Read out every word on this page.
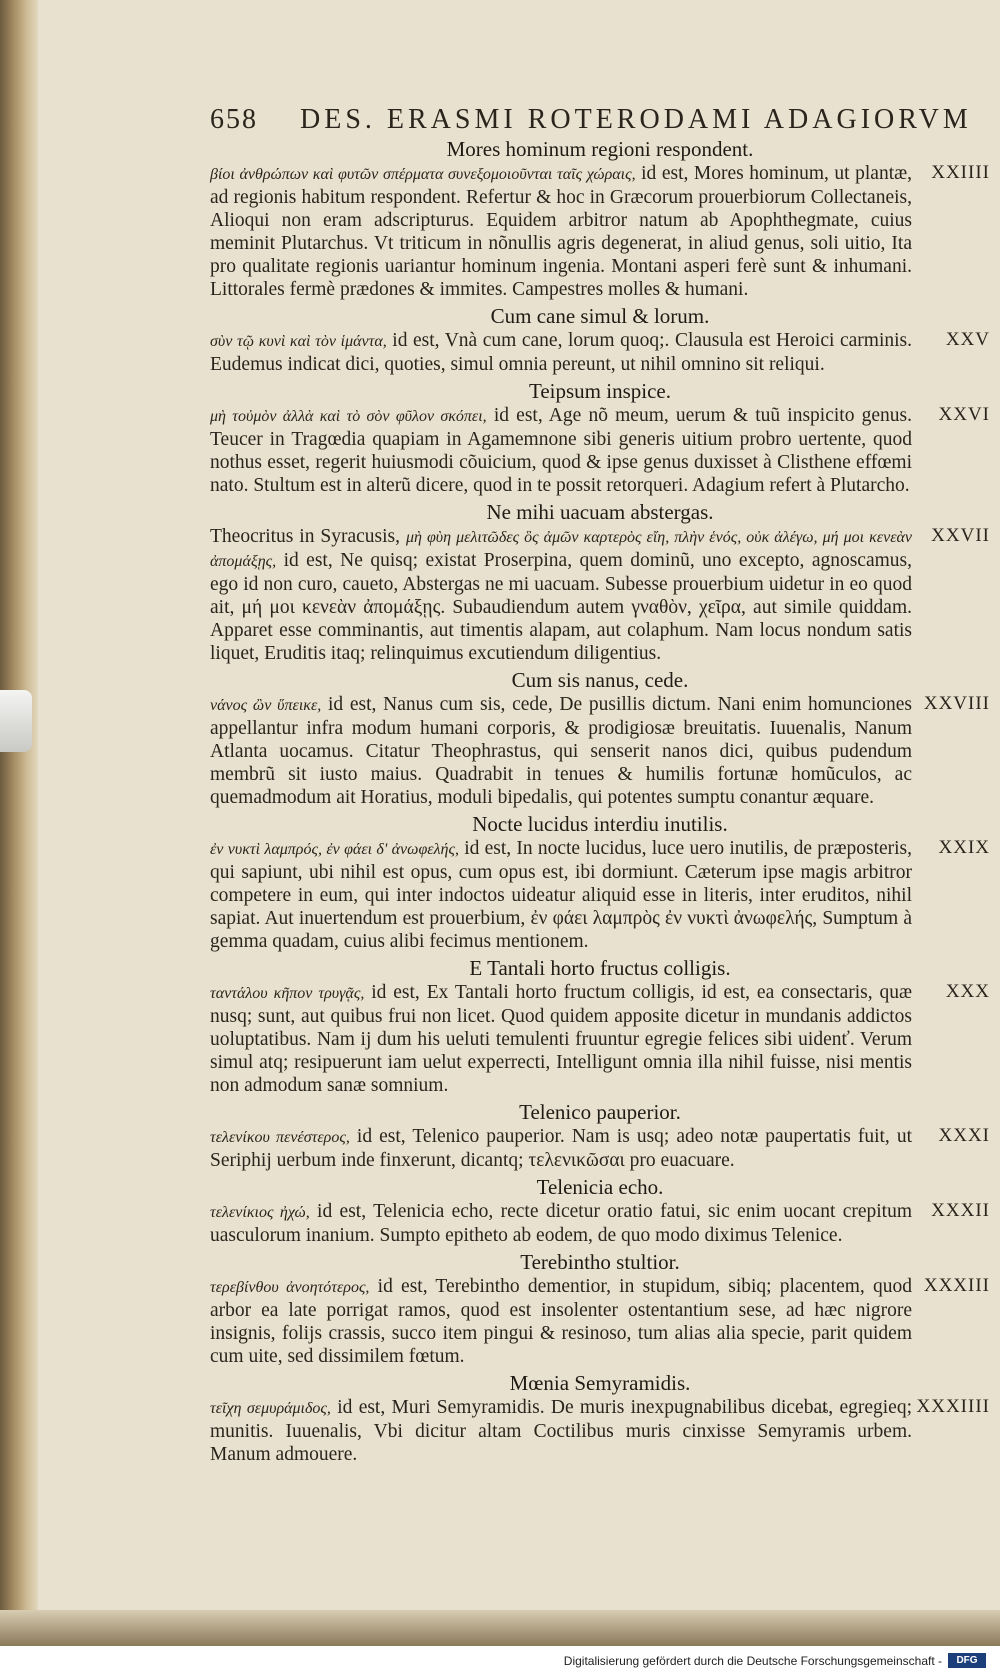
658 DES. ERASMI ROTERODAMI ADAGIORVM
Mores hominum regioni respondent.
XXIIII

βίοι ἀνθρώπων καὶ φυτῶν σπέρματα συνεξομοιοῦνται ταῖς χώραις, id est, Mores hominum, ut plantæ, ad regionis habitum respondent. Refertur & hoc in Græcorum prouerbiorum Collectaneis, Alioqui non eram adscripturus. Equidem arbitror natum ab Apophthegmate, cuius meminit Plutarchus. Vt triticum in nõnullis agris degenerat, in aliud genus, soli uitio, Ita pro qualitate regionis uariantur hominum ingenia. Montani asperi ferè sunt & inhumani. Littorales fermè prædones & immites. Campestres molles & humani.

Cum cane simul & lorum.
XXV

σὺν τῷ κυνὶ καὶ τὸν ἱμάντα, id est, Vnà cum cane, lorum quoq;. Clausula est Heroici carminis. Eudemus indicat dici, quoties, simul omnia pereunt, ut nihil omnino sit reliqui.

Teipsum inspice.
XXVI

μὴ τοὐμὸν ἀλλὰ καὶ τὸ σὸν φῦλον σκόπει, id est, Age nõ meum, uerum & tuũ inspicito genus. Teucer in Tragœdia quapiam in Agamemnone sibi generis uitium probro uertente, quod nothus esset, regerit huiusmodi cõuicium, quod & ipse genus duxisset à Clisthene effœmi nato. Stultum est in alterũ dicere, quod in te possit retorqueri. Adagium refert à Plutarcho.

Ne mihi uacuam abstergas.
XXVII

Theocritus in Syracusis, μὴ φὺη μελιτῶδες ὃς ἀμῶν καρτερὸς εἴη, πλὴν ἑνός, οὐκ ἀλέγω, μή μοι κενεὰν ἀπομάξῃς, id est, Ne quisq; existat Proserpina, quem dominũ, uno excepto, agnoscamus, ego id non curo, caueto, Abstergas ne mi uacuam. Subesse prouerbium uidetur in eo quod ait, μή μοι κενεὰν ἀπομάξῃς. Subaudiendum autem γναθὸν, χεῖρα, aut simile quiddam. Apparet esse comminantis, aut timentis alapam, aut colaphum. Nam locus nondum satis liquet, Eruditis itaq; relinquimus excutiendum diligentius.

Cum sis nanus, cede.
XXVIII

νάνος ὢν ὕπεικε, id est, Nanus cum sis, cede, De pusillis dictum. Nani enim homunciones appellantur infra modum humani corporis, & prodigiosæ breuitatis. Iuuenalis, Nanum Atlanta uocamus. Citatur Theophrastus, qui senserit nanos dici, quibus pudendum membrũ sit iusto maius. Quadrabit in tenues & humilis fortunæ homũculos, ac quemadmodum ait Horatius, moduli bipedalis, qui potentes sumptu conantur æquare.

Nocte lucidus interdiu inutilis.
XXIX

ἐν νυκτὶ λαμπρός, ἐν φάει δ' ἀνωφελής, id est, In nocte lucidus, luce uero inutilis, de præposteris, qui sapiunt, ubi nihil est opus, cum opus est, ibi dormiunt. Cæterum ipse magis arbitror competere in eum, qui inter indoctos uideatur aliquid esse in literis, inter eruditos, nihil sapiat. Aut inuertendum est prouerbium, ἐν φάει λαμπρὸς ἐν νυκτὶ ἀνωφελής, Sumptum à gemma quadam, cuius alibi fecimus mentionem.

E Tantali horto fructus colligis.
XXX

ταντάλου κῆπον τρυγᾷς, id est, Ex Tantali horto fructum colligis, id est, ea consectaris, quæ nusq; sunt, aut quibus frui non licet. Quod quidem apposite dicetur in mundanis addictos uoluptatibus. Nam ij dum his ueluti temulenti fruuntur egregie felices sibi uidenť. Verum simul atq; resipuerunt iam uelut experrecti, Intelligunt omnia illa nihil fuisse, nisi mentis non admodum sanæ somnium.

Telenico pauperior.
XXXI

τελενίκου πενέστερος, id est, Telenico pauperior. Nam is usq; adeo notæ paupertatis fuit, ut Seriphij uerbum inde finxerunt, dicantq; τελενικῶσαι pro euacuare.

Telenicia echo.
XXXII

τελενίκιος ἠχώ, id est, Telenicia echo, recte dicetur oratio fatui, sic enim uocant crepitum uasculorum inanium. Sumpto epitheto ab eodem, de quo modo diximus Telenice.

Terebintho stultior.
XXXIII

τερεβίνθου ἀνοητότερος, id est, Terebintho dementior, in stupidum, sibiq; placentem, quod arbor ea late porrigat ramos, quod est insolenter ostentantium sese, ad hæc nigrore insignis, folijs crassis, succo item pingui & resinoso, tum alias alia specie, parit quidem cum uite, sed dissimilem fœtum.

Mœnia Semyramidis.
XXXIIII

τεῖχη σεμυράμιδος, id est, Muri Semyramidis. De muris inexpugnabilibus dicebaȶ, egregieq; munitis. Iuuenalis, Vbi dicitur altam Coctilibus muris cinxisse Semyramis urbem. Manum admouere.

Digitalisierung gefördert durch die Deutsche Forschungsgemeinschaft -	DFG
